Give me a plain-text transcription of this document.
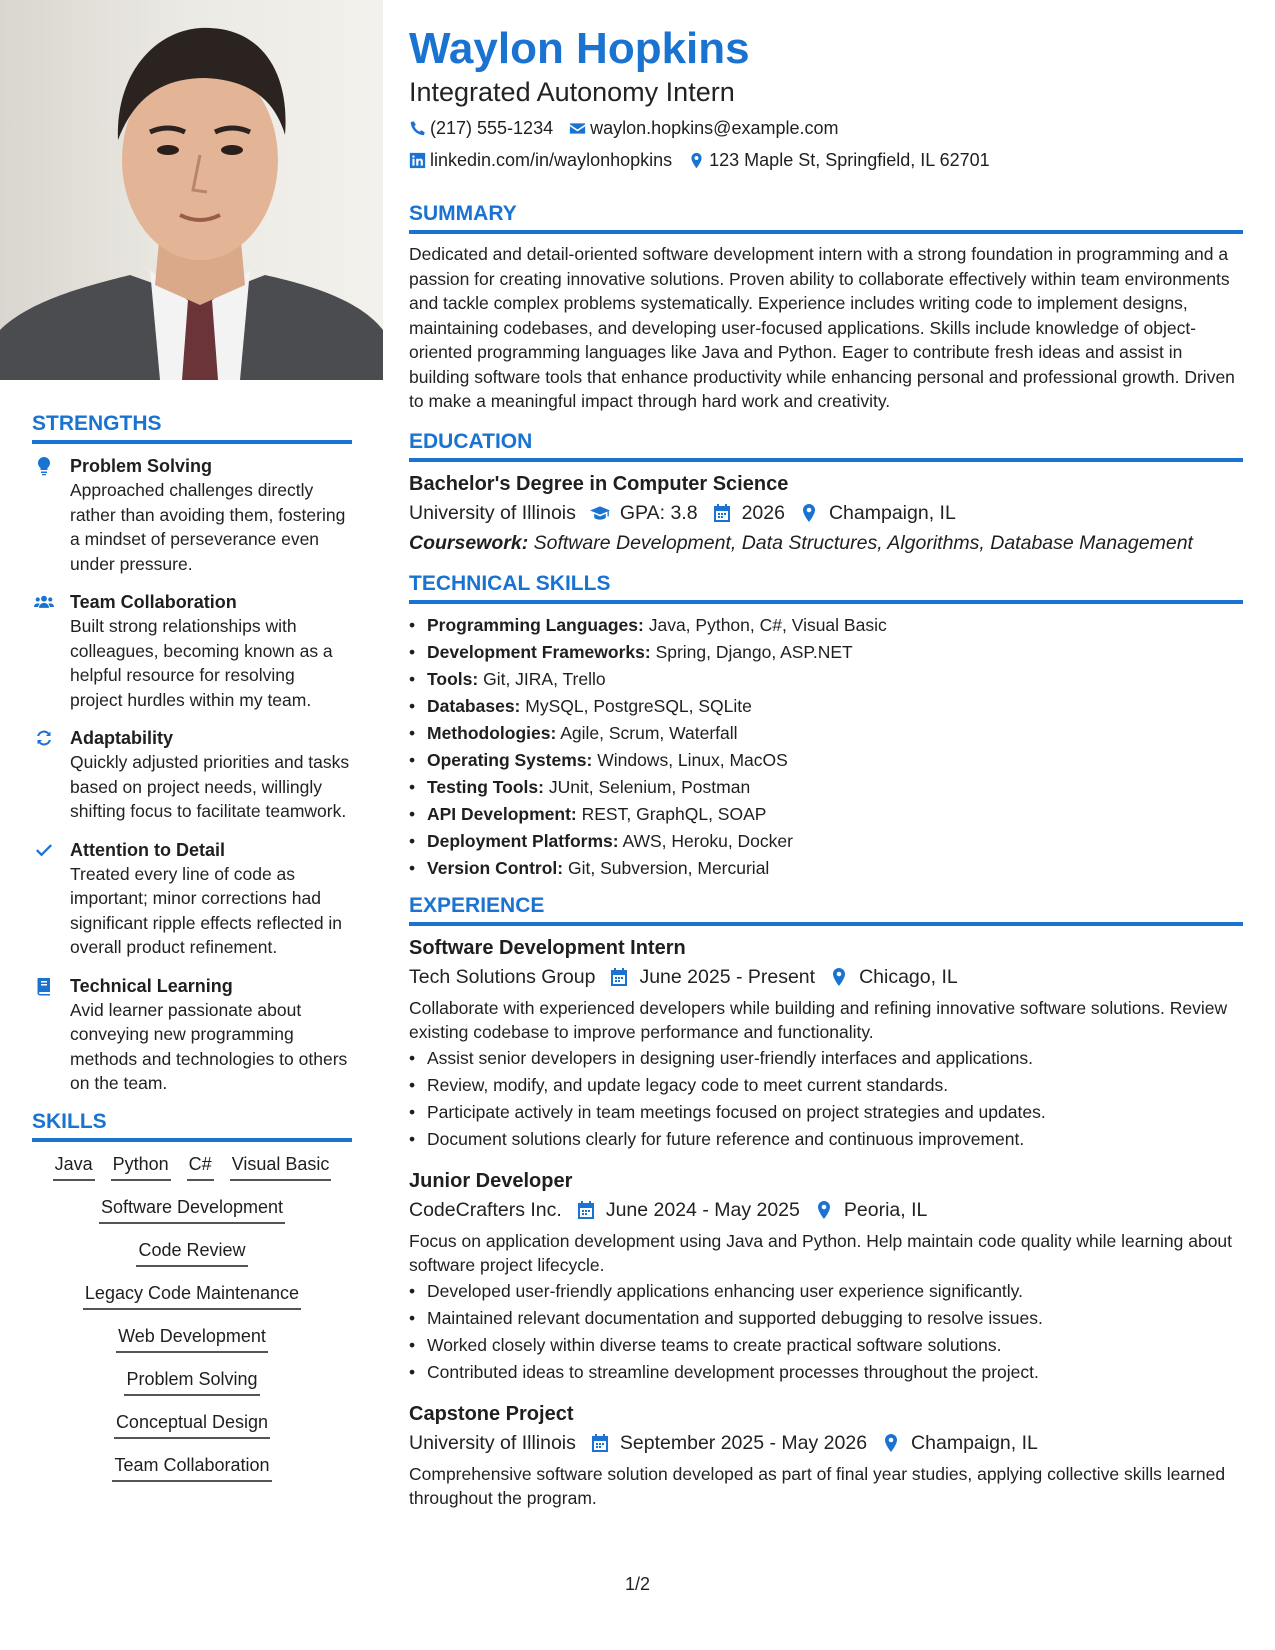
STRENGTHS
Problem Solving
Approached challenges directly rather than avoiding them, fostering a mindset of perseverance even under pressure.
Team Collaboration
Built strong relationships with colleagues, becoming known as a helpful resource for resolving project hurdles within my team.
Adaptability
Quickly adjusted priorities and tasks based on project needs, willingly shifting focus to facilitate teamwork.
Attention to Detail
Treated every line of code as important; minor corrections had significant ripple effects reflected in overall product refinement.
Technical Learning
Avid learner passionate about conveying new programming methods and technologies to others on the team.
SKILLS
Java Python C# Visual Basic
Software Development
Code Review
Legacy Code Maintenance
Web Development
Problem Solving
Conceptual Design
Team Collaboration
Waylon Hopkins
Integrated Autonomy Intern
(217) 555-1234 waylon.hopkins@example.com
linkedin.com/in/waylonhopkins 123 Maple St, Springfield, IL 62701
SUMMARY
Dedicated and detail-oriented software development intern with a strong foundation in programming and a passion for creating innovative solutions. Proven ability to collaborate effectively within team environments and tackle complex problems systematically. Experience includes writing code to implement designs, maintaining codebases, and developing user-focused applications. Skills include knowledge of object-oriented programming languages like Java and Python. Eager to contribute fresh ideas and assist in building software tools that enhance productivity while enhancing personal and professional growth. Driven to make a meaningful impact through hard work and creativity.
EDUCATION
Bachelor's Degree in Computer Science
University of Illinois GPA: 3.8 2026 Champaign, IL
Coursework: Software Development, Data Structures, Algorithms, Database Management
TECHNICAL SKILLS
• Programming Languages: Java, Python, C#, Visual Basic
• Development Frameworks: Spring, Django, ASP.NET
• Tools: Git, JIRA, Trello
• Databases: MySQL, PostgreSQL, SQLite
• Methodologies: Agile, Scrum, Waterfall
• Operating Systems: Windows, Linux, MacOS
• Testing Tools: JUnit, Selenium, Postman
• API Development: REST, GraphQL, SOAP
• Deployment Platforms: AWS, Heroku, Docker
• Version Control: Git, Subversion, Mercurial
EXPERIENCE
Software Development Intern
Tech Solutions Group June 2025 - Present Chicago, IL
Collaborate with experienced developers while building and refining innovative software solutions. Review existing codebase to improve performance and functionality.
• Assist senior developers in designing user-friendly interfaces and applications.
• Review, modify, and update legacy code to meet current standards.
• Participate actively in team meetings focused on project strategies and updates.
• Document solutions clearly for future reference and continuous improvement.
Junior Developer
CodeCrafters Inc. June 2024 - May 2025 Peoria, IL
Focus on application development using Java and Python. Help maintain code quality while learning about software project lifecycle.
• Developed user-friendly applications enhancing user experience significantly.
• Maintained relevant documentation and supported debugging to resolve issues.
• Worked closely within diverse teams to create practical software solutions.
• Contributed ideas to streamline development processes throughout the project.
Capstone Project
University of Illinois September 2025 - May 2026 Champaign, IL
Comprehensive software solution developed as part of final year studies, applying collective skills learned throughout the program.
1/2
